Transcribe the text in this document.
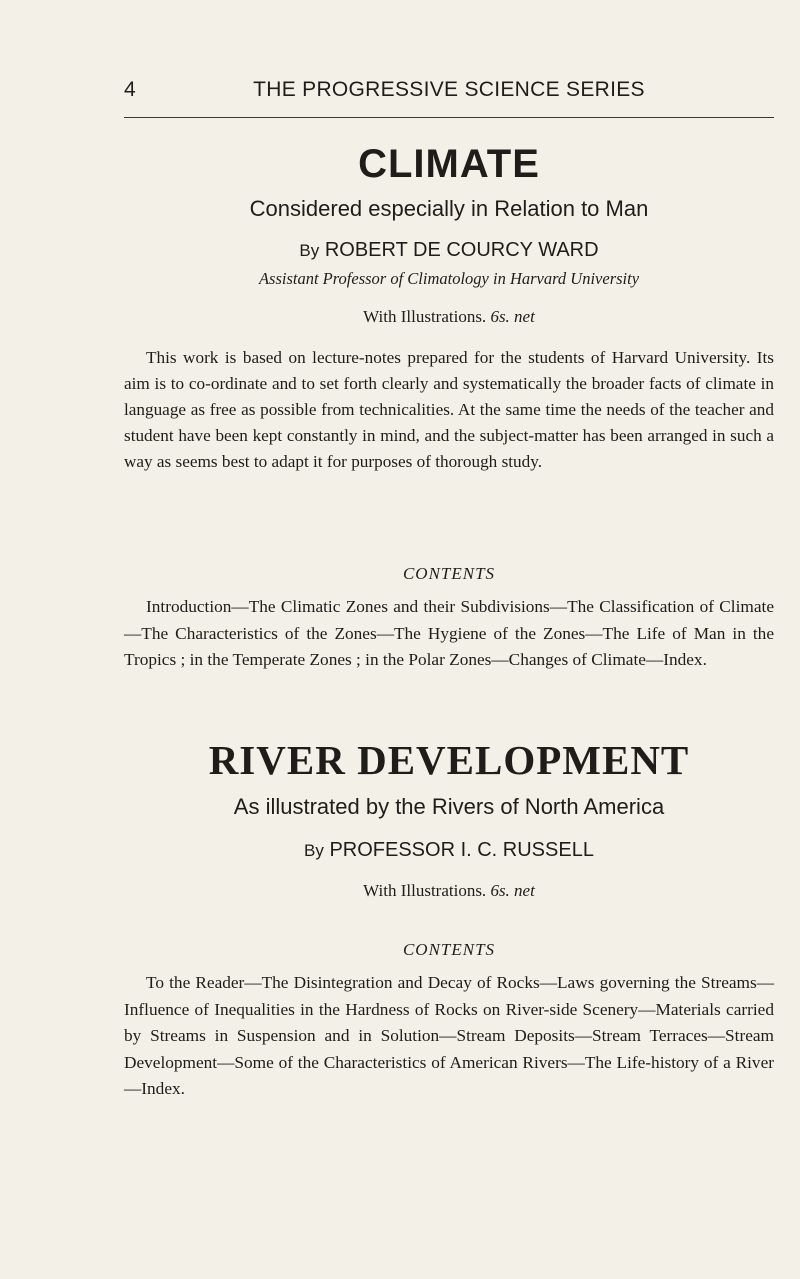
4	THE PROGRESSIVE SCIENCE SERIES
CLIMATE

Considered especially in Relation to Man

By ROBERT DE COURCY WARD

Assistant Professor of Climatology in Harvard University

With Illustrations. 6s. net

This work is based on lecture-notes prepared for the students of Harvard University. Its aim is to co-ordinate and to set forth clearly and systematically the broader facts of climate in language as free as possible from technicalities. At the same time the needs of the teacher and student have been kept constantly in mind, and the subject-matter has been arranged in such a way as seems best to adapt it for purposes of thorough study.

CONTENTS

Introduction—The Climatic Zones and their Subdivisions—The Classification of Climate—The Characteristics of the Zones—The Hygiene of the Zones—The Life of Man in the Tropics ; in the Temperate Zones ; in the Polar Zones—Changes of Climate—Index.

RIVER DEVELOPMENT

As illustrated by the Rivers of North America

By PROFESSOR I. C. RUSSELL

With Illustrations. 6s. net

CONTENTS

To the Reader—The Disintegration and Decay of Rocks—Laws governing the Streams—Influence of Inequalities in the Hardness of Rocks on River-side Scenery—Materials carried by Streams in Suspension and in Solution—Stream Deposits—Stream Terraces—Stream Development—Some of the Characteristics of American Rivers—The Life-history of a River—Index.
